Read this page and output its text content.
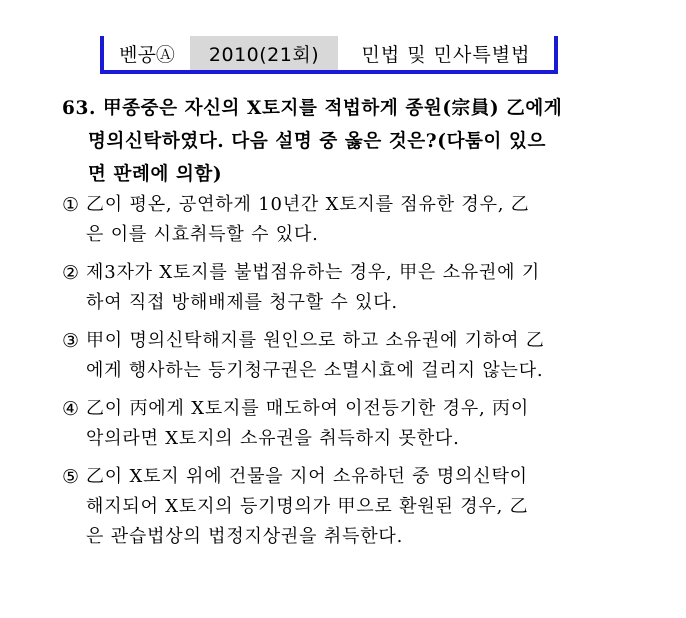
벤공Ⓐ	2010(21회)	민법 및 민사특별법
63. 甲종중은 자신의 X토지를 적법하게 종원(宗員) 乙에게
명의신탁하였다. 다음 설명 중 옳은 것은?(다툼이 있으
면 판례에 의함)
① 乙이 평온, 공연하게 10년간 X토지를 점유한 경우, 乙
은 이를 시효취득할 수 있다.
② 제3자가 X토지를 불법점유하는 경우, 甲은 소유권에 기
하여 직접 방해배제를 청구할 수 있다.
③ 甲이 명의신탁해지를 원인으로 하고 소유권에 기하여 乙
에게 행사하는 등기청구권은 소멸시효에 걸리지 않는다.
④ 乙이 丙에게 X토지를 매도하여 이전등기한 경우, 丙이
악의라면 X토지의 소유권을 취득하지 못한다.
⑤ 乙이 X토지 위에 건물을 지어 소유하던 중 명의신탁이
해지되어 X토지의 등기명의가 甲으로 환원된 경우, 乙
은 관습법상의 법정지상권을 취득한다.
